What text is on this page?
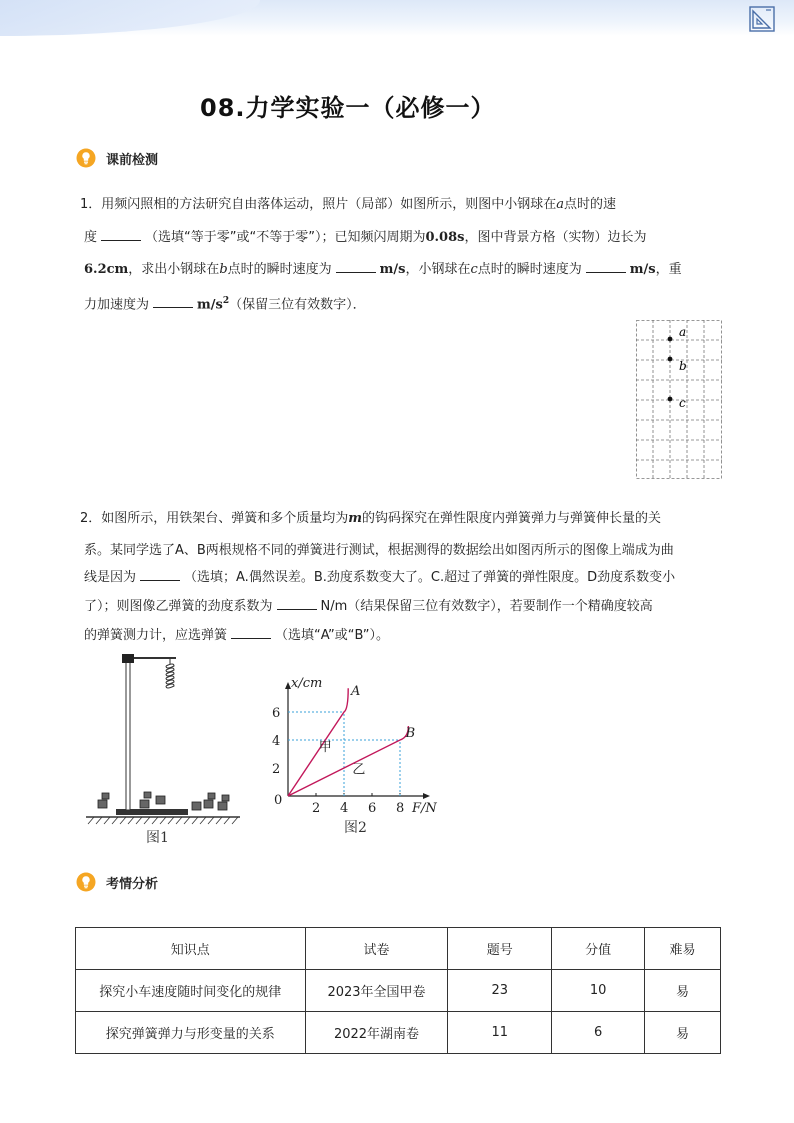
08.力学实验一（必修一）
课前检测
1．用频闪照相的方法研究自由落体运动，照片（局部）如图所示，则图中小钢球在a点时的速
度	（选填“等于零”或“不等于零”）；已知频闪周期为0.08s，图中背景方格（实物）边长为
6.2cm，求出小钢球在b点时的瞬时速度为	m/s，小钢球在c点时的瞬时速度为	m/s，重
力加速度为	$m/s^2$（保留三位有效数字）．
a
b
c
2．如图所示，用铁架台、弹簧和多个质量均为m的钩码探究在弹性限度内弹簧弹力与弹簧伸长量的关
系。某同学选了A、B两根规格不同的弹簧进行测试，根据测得的数据绘出如图丙所示的图像上端成为曲
线是因为	（选填；A.偶然误差。B.劲度系数变大了。C.超过了弹簧的弹性限度。D劲度系数变小
了）；则图像乙弹簧的劲度系数为	N/m（结果保留三位有效数字），若要制作一个精确度较高
的弹簧测力计，应选弹簧	（选填“A”或“B”）。
图1
x/cm
F/N
0
2 4 6 8
2
4
6
A
甲
B
乙
图2
考情分析
知识点	试卷	题号	分值	难易
探究小车速度随时间变化的规律	2023年全国甲卷	23	10	易
探究弹簧弹力与形变量的关系	2022年湖南卷	11	6	易
